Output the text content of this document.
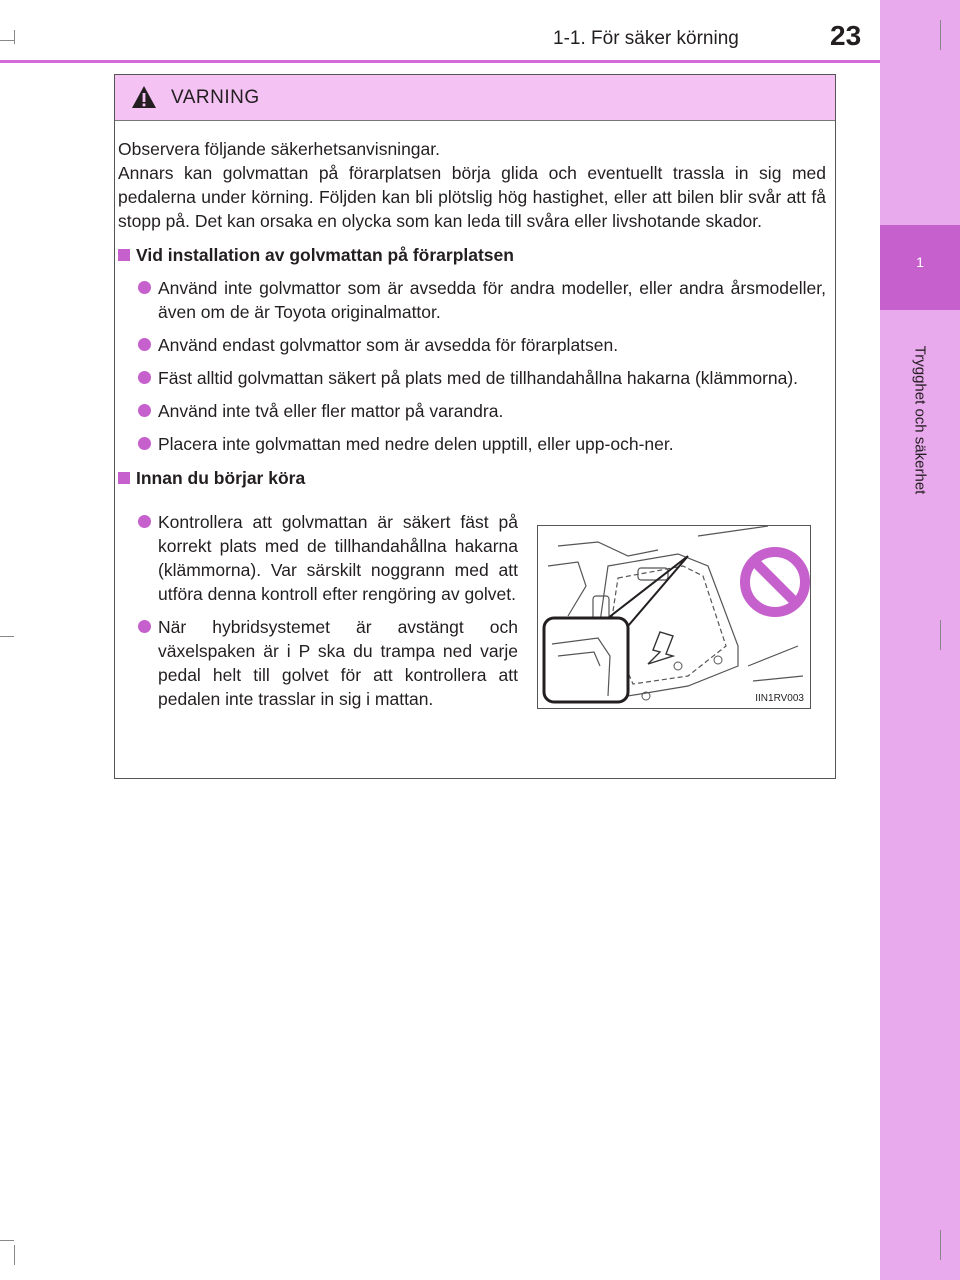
1-1. För säker körning	23
1
Trygghet och säkerhet
VARNING
Observera följande säkerhetsanvisningar.
Annars kan golvmattan på förarplatsen börja glida och eventuellt trassla in sig med pedalerna under körning. Följden kan bli plötslig hög hastighet, eller att bilen blir svår att få stopp på. Det kan orsaka en olycka som kan leda till svåra eller livshotande skador.
Vid installation av golvmattan på förarplatsen
Använd inte golvmattor som är avsedda för andra modeller, eller andra årsmodeller, även om de är Toyota originalmattor.
Använd endast golvmattor som är avsedda för förarplatsen.
Fäst alltid golvmattan säkert på plats med de tillhandahållna hakarna (klämmorna).
Använd inte två eller fler mattor på varandra.
Placera inte golvmattan med nedre delen upptill, eller upp-och-ner.
Innan du börjar köra
Kontrollera att golvmattan är säkert fäst på korrekt plats med de tillhandahållna hakarna (klämmorna). Var särskilt noggrann med att utföra denna kontroll efter rengöring av golvet.
När hybridsystemet är avstängt och växelspaken är i P ska du trampa ned varje pedal helt till golvet för att kontrollera att pedalen inte trasslar in sig i mattan.	IIN1RV003
